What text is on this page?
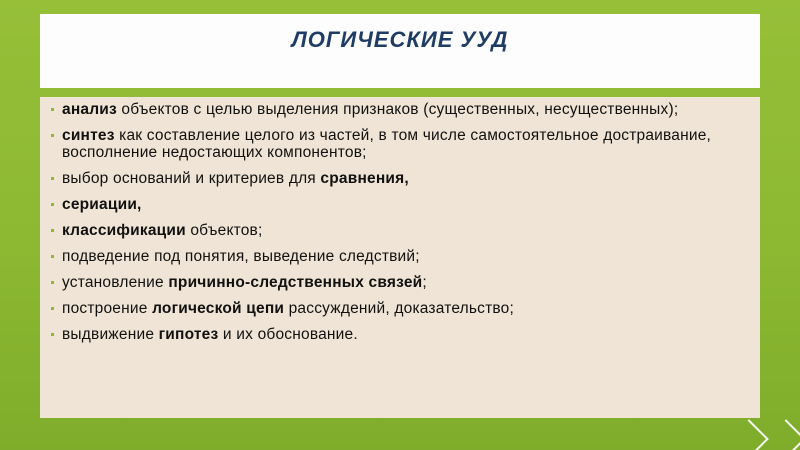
ЛОГИЧЕСКИЕ УУД
анализ объектов с целью выделения признаков (существенных, несущественных);
синтез как составление целого из частей, в том числе самостоятельное достраивание, восполнение недостающих компонентов;
выбор оснований и критериев для сравнения,
сериации,
классификации объектов;
подведение под понятия, выведение следствий;
установление причинно-следственных связей;
построение логической цепи рассуждений, доказательство;
выдвижение гипотез и их обоснование.
